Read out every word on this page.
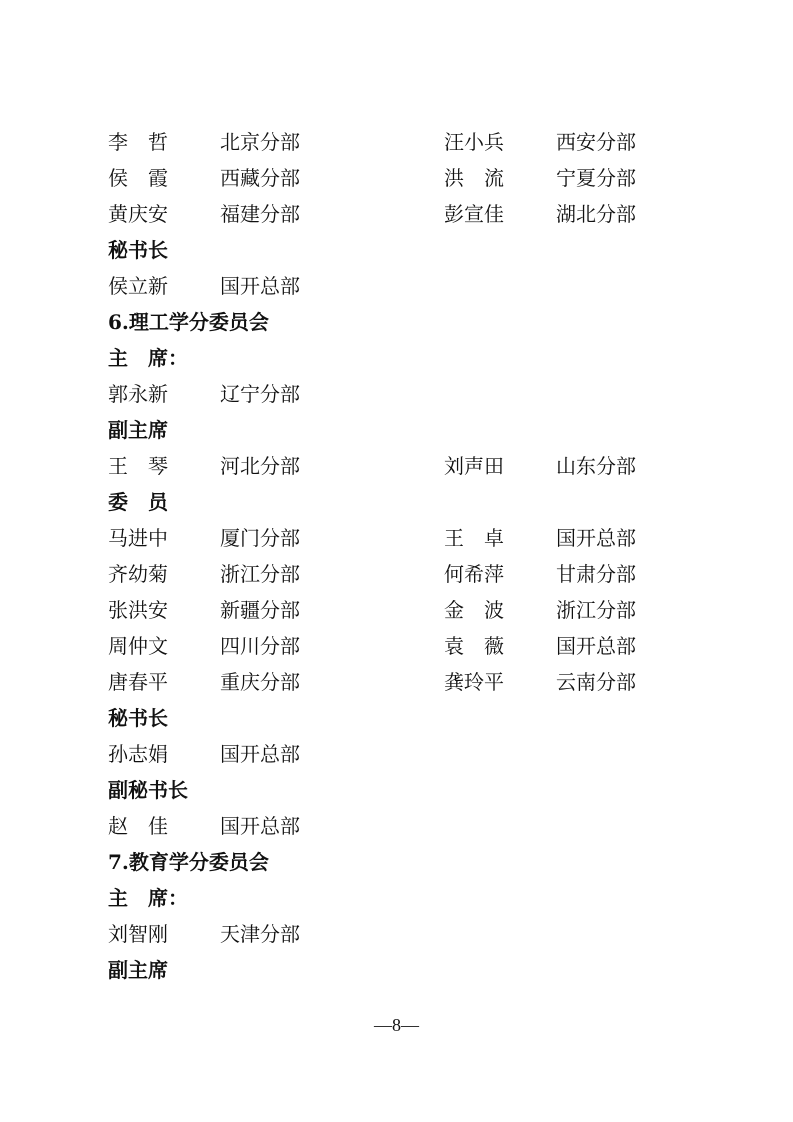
李　哲	北京分部	汪小兵	西安分部
侯　霞	西藏分部	洪　流	宁夏分部
黄庆安	福建分部	彭宣佳	湖北分部
秘书长
侯立新	国开总部
6.理工学分委员会
主　席：
郭永新	辽宁分部
副主席
王　琴	河北分部	刘声田	山东分部
委　员
马进中	厦门分部	王　卓	国开总部
齐幼菊	浙江分部	何希萍	甘肃分部
张洪安	新疆分部	金　波	浙江分部
周仲文	四川分部	袁　薇	国开总部
唐春平	重庆分部	龚玲平	云南分部
秘书长
孙志娟	国开总部
副秘书长
赵　佳	国开总部
7.教育学分委员会
主　席：
刘智刚	天津分部
副主席
—8—
